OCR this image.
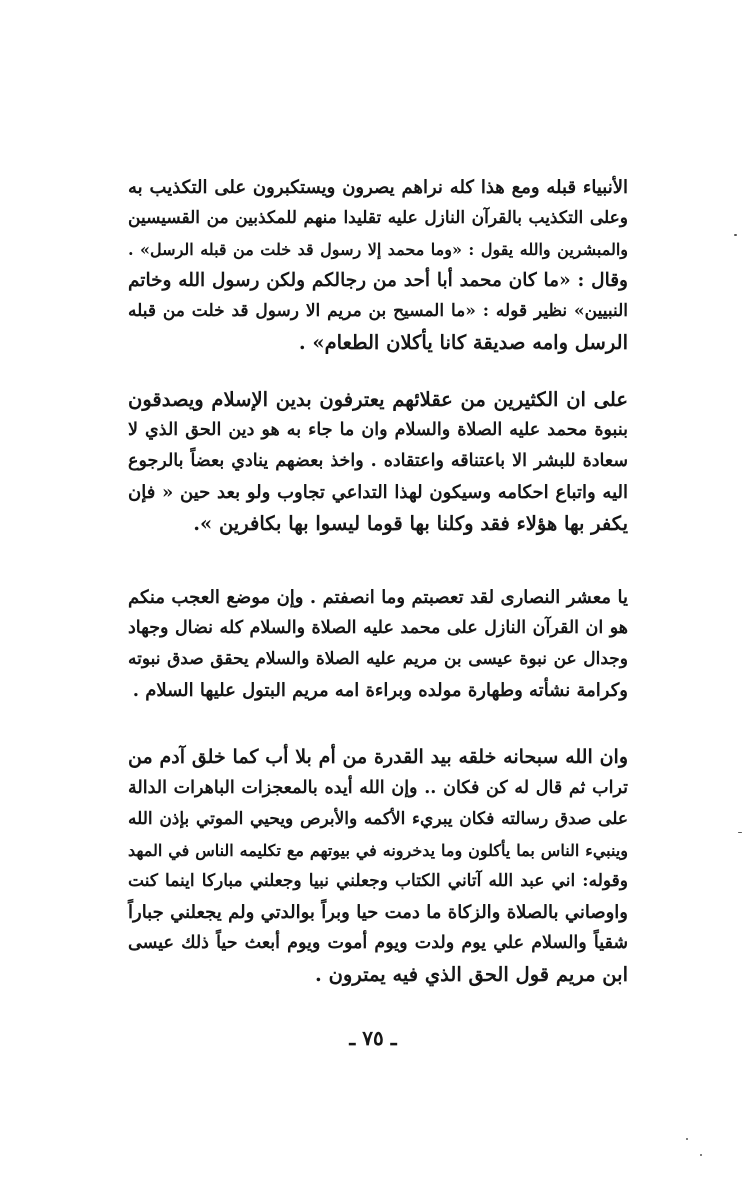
الأنبياء قبله ومع هذا كله نراهم يصرون ويستكبرون على التكذيب به
وعلى التكذيب بالقرآن النازل عليه تقليدا منهم للمكذبين من القسيسين
والمبشرين والله يقول : «وما محمد إلا رسول قد خلت من قبله الرسل» .
وقال : «ما كان محمد أبا أحد من رجالكم ولكن رسول الله وخاتم
النبيين» نظير قوله : «ما المسيح بن مريم الا رسول قد خلت من قبله
الرسل وامه صديقة كانا يأكلان الطعام» .
على ان الكثيرين من عقلائهم يعترفون بدين الإسلام ويصدقون
بنبوة محمد عليه الصلاة والسلام وان ما جاء به هو دين الحق الذي لا
سعادة للبشر الا باعتناقه واعتقاده . واخذ بعضهم ينادي بعضاً بالرجوع
اليه واتباع احكامه وسيكون لهذا التداعي تجاوب ولو بعد حين « فإن
يكفر بها هؤلاء فقد وكلنا بها قوما ليسوا بها بكافرين ».
يا معشر النصارى لقد تعصبتم وما انصفتم . وإن موضع العجب منكم
هو ان القرآن النازل على محمد عليه الصلاة والسلام كله نضال وجهاد
وجدال عن نبوة عيسى بن مريم عليه الصلاة والسلام يحقق صدق نبوته
وكرامة نشأته وطهارة مولده وبراءة امه مريم البتول عليها السلام .
وان الله سبحانه خلقه بيد القدرة من أم بلا أب كما خلق آدم من
تراب ثم قال له كن فكان .. وإن الله أيده بالمعجزات الباهرات الدالة
على صدق رسالته فكان يبريء الأكمه والأبرص ويحيي الموتي بإذن الله
وينبيء الناس بما يأكلون وما يدخرونه في بيوتهم مع تكليمه الناس في المهد
وقوله: اني عبد الله آتاني الكتاب وجعلني نبيا وجعلني مباركا اينما كنت
واوصاني بالصلاة والزكاة ما دمت حيا وبراً بوالدتي ولم يجعلني جباراً
شقياً والسلام علي يوم ولدت ويوم أموت ويوم أبعث حياً ذلك عيسى
ابن مريم قول الحق الذي فيه يمترون .
ـ ٧٥ ـ
